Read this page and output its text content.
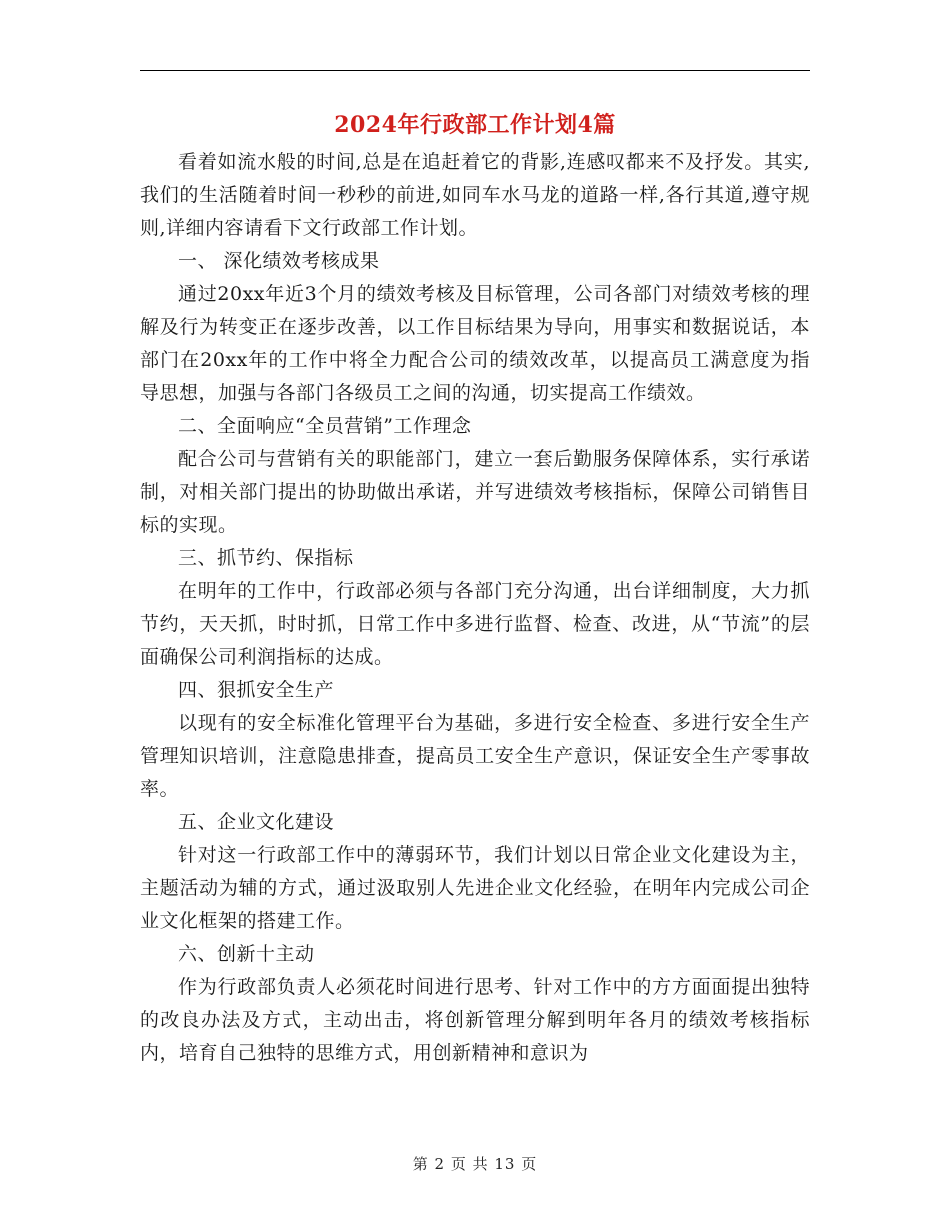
2024年行政部工作计划4篇

看着如流水般的时间,总是在追赶着它的背影,连感叹都来不及抒发。其实,我们的生活随着时间一秒秒的前进,如同车水马龙的道路一样,各行其道,遵守规则,详细内容请看下文行政部工作计划。

一、 深化绩效考核成果

通过20xx年近3个月的绩效考核及目标管理，公司各部门对绩效考核的理解及行为转变正在逐步改善，以工作目标结果为导向，用事实和数据说话，本部门在20xx年的工作中将全力配合公司的绩效改革，以提高员工满意度为指导思想，加强与各部门各级员工之间的沟通，切实提高工作绩效。

二、全面响应“全员营销”工作理念

配合公司与营销有关的职能部门，建立一套后勤服务保障体系，实行承诺制，对相关部门提出的协助做出承诺，并写进绩效考核指标，保障公司销售目标的实现。

三、抓节约、保指标

在明年的工作中，行政部必须与各部门充分沟通，出台详细制度，大力抓节约，天天抓，时时抓，日常工作中多进行监督、检查、改进，从“节流”的层面确保公司利润指标的达成。

四、狠抓安全生产

以现有的安全标准化管理平台为基础，多进行安全检查、多进行安全生产管理知识培训，注意隐患排查，提高员工安全生产意识，保证安全生产零事故率。

五、企业文化建设

针对这一行政部工作中的薄弱环节，我们计划以日常企业文化建设为主，主题活动为辅的方式，通过汲取别人先进企业文化经验，在明年内完成公司企业文化框架的搭建工作。

六、创新十主动

作为行政部负责人必须花时间进行思考、针对工作中的方方面面提出独特的改良办法及方式，主动出击，将创新管理分解到明年各月的绩效考核指标内，培育自己独特的思维方式，用创新精神和意识为

第 2 页 共 13 页
